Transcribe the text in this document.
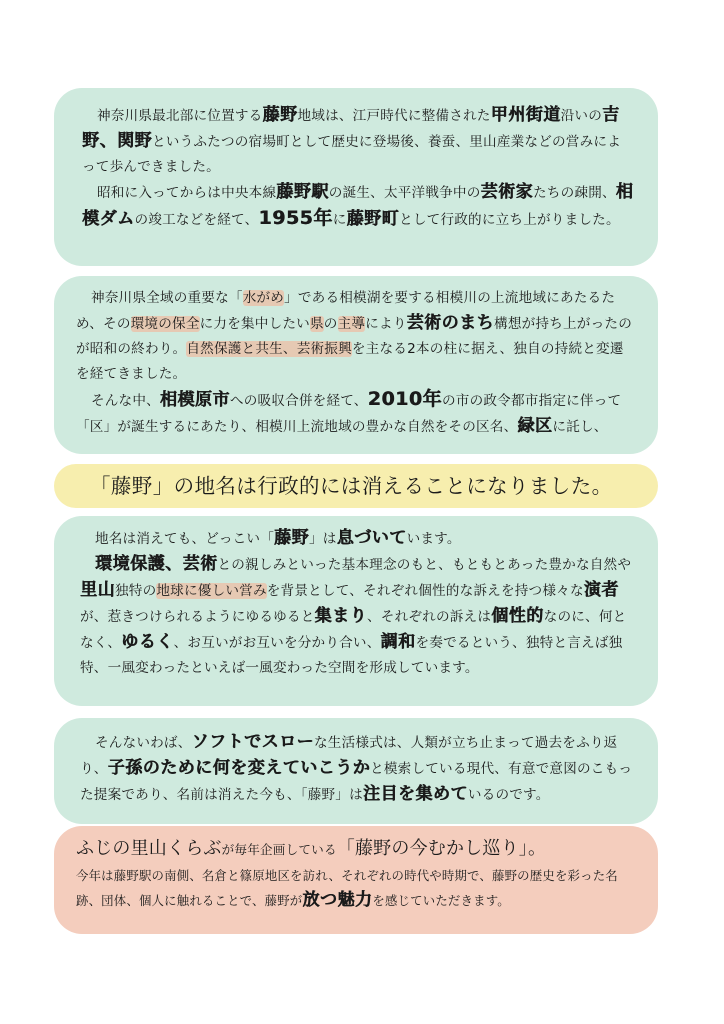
神奈川県最北部に位置する藤野地域は、江戸時代に整備された甲州街道沿いの吉野、関野というふたつの宿場町として歴史に登場後、養蚕、里山産業などの営みによって歩んできました。

昭和に入ってからは中央本線藤野駅の誕生、太平洋戦争中の芸術家たちの疎開、相模ダムの竣工などを経て、1955年に藤野町として行政的に立ち上がりました。

神奈川県全域の重要な「水がめ」である相模湖を要する相模川の上流地域にあたるため、その環境の保全に力を集中したい県の主導により芸術のまち構想が持ち上がったのが昭和の終わり。自然保護と共生、芸術振興を主なる2本の柱に据え、独自の持続と変遷を経てきました。

そんな中、相模原市への吸収合併を経て、2010年の市の政令都市指定に伴って「区」が誕生するにあたり、相模川上流地域の豊かな自然をその区名、緑区に託し、

「藤野」の地名は行政的には消えることになりました。

地名は消えても、どっこい「藤野」は息づいています。

環境保護、芸術との親しみといった基本理念のもと、もともとあった豊かな自然や里山独特の地球に優しい営みを背景として、それぞれ個性的な訴えを持つ様々な演者が、惹きつけられるようにゆるゆると集まり、それぞれの訴えは個性的なのに、何となく、ゆるく、お互いがお互いを分かり合い、調和を奏でるという、独特と言えば独特、一風変わったといえば一風変わった空間を形成しています。

そんないわば、ソフトでスローな生活様式は、人類が立ち止まって過去をふり返り、子孫のために何を変えていこうかと模索している現代、有意で意図のこもった提案であり、名前は消えた今も、「藤野」は注目を集めているのです。

ふじの里山くらぶが毎年企画している「藤野の今むかし巡り」。

今年は藤野駅の南側、名倉と篠原地区を訪れ、それぞれの時代や時期で、藤野の歴史を彩った名跡、団体、個人に触れることで、藤野が放つ魅力を感じていただきます。
